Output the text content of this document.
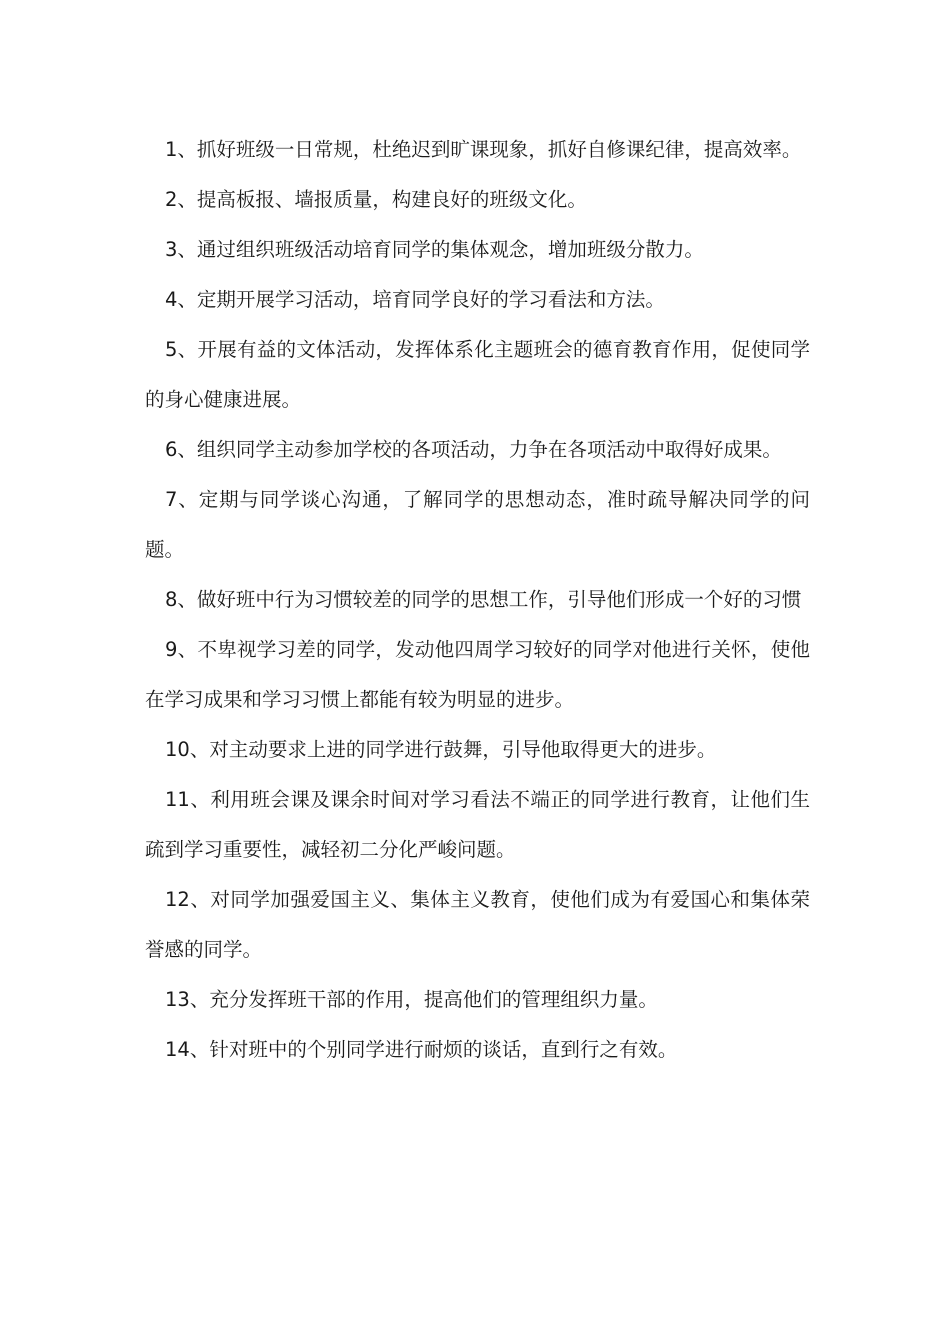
1、抓好班级一日常规，杜绝迟到旷课现象，抓好自修课纪律，提高效率。

2、提高板报、墙报质量，构建良好的班级文化。

3、通过组织班级活动培育同学的集体观念，增加班级分散力。

4、定期开展学习活动，培育同学良好的学习看法和方法。

5、开展有益的文体活动，发挥体系化主题班会的德育教育作用，促使同学的身心健康进展。

6、组织同学主动参加学校的各项活动，力争在各项活动中取得好成果。

7、定期与同学谈心沟通，了解同学的思想动态，准时疏导解决同学的问题。

8、做好班中行为习惯较差的同学的思想工作，引导他们形成一个好的习惯

9、不卑视学习差的同学，发动他四周学习较好的同学对他进行关怀，使他在学习成果和学习习惯上都能有较为明显的进步。

10、对主动要求上进的同学进行鼓舞，引导他取得更大的进步。

11、利用班会课及课余时间对学习看法不端正的同学进行教育，让他们生疏到学习重要性，减轻初二分化严峻问题。

12、对同学加强爱国主义、集体主义教育，使他们成为有爱国心和集体荣誉感的同学。

13、充分发挥班干部的作用，提高他们的管理组织力量。

14、针对班中的个别同学进行耐烦的谈话，直到行之有效。
